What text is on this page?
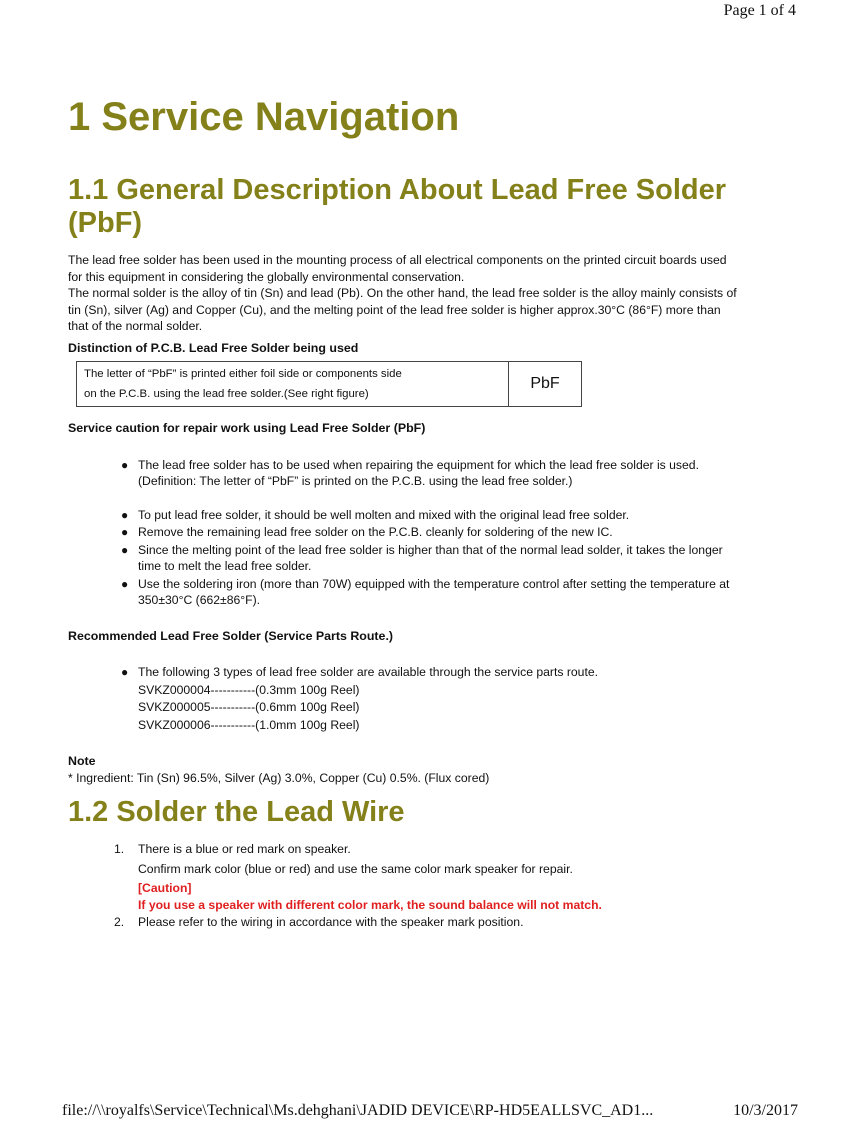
Page 1 of 4
1 Service Navigation
1.1 General Description About Lead Free Solder
(PbF)

The lead free solder has been used in the mounting process of all electrical components on the printed circuit boards used
for this equipment in considering the globally environmental conservation.
The normal solder is the alloy of tin (Sn) and lead (Pb). On the other hand, the lead free solder is the alloy mainly consists of
tin (Sn), silver (Ag) and Copper (Cu), and the melting point of the lead free solder is higher approx.30°C (86°F) more than
that of the normal solder.

Distinction of P.C.B. Lead Free Solder being used

The letter of “PbF” is printed either foil side or components side
on the P.C.B. using the lead free solder.(See right figure)
PbF

Service caution for repair work using Lead Free Solder (PbF)

● The lead free solder has to be used when repairing the equipment for which the lead free solder is used.
(Definition: The letter of “PbF” is printed on the P.C.B. using the lead free solder.)
● To put lead free solder, it should be well molten and mixed with the original lead free solder.
● Remove the remaining lead free solder on the P.C.B. cleanly for soldering of the new IC.
● Since the melting point of the lead free solder is higher than that of the normal lead solder, it takes the longer
time to melt the lead free solder.
● Use the soldering iron (more than 70W) equipped with the temperature control after setting the temperature at
350±30°C (662±86°F).

Recommended Lead Free Solder (Service Parts Route.)

● The following 3 types of lead free solder are available through the service parts route.
SVKZ000004-----------(0.3mm 100g Reel)
SVKZ000005-----------(0.6mm 100g Reel)
SVKZ000006-----------(1.0mm 100g Reel)

Note

* Ingredient: Tin (Sn) 96.5%, Silver (Ag) 3.0%, Copper (Cu) 0.5%. (Flux cored)

1.2 Solder the Lead Wire
1. There is a blue or red mark on speaker.
Confirm mark color (blue or red) and use the same color mark speaker for repair.
[Caution]
If you use a speaker with different color mark, the sound balance will not match.
2. Please refer to the wiring in accordance with the speaker mark position.
file://\\royalfs\Service\Technical\Ms.dehghani\JADID DEVICE\RP-HD5EALLSVC_AD1...	10/3/2017
